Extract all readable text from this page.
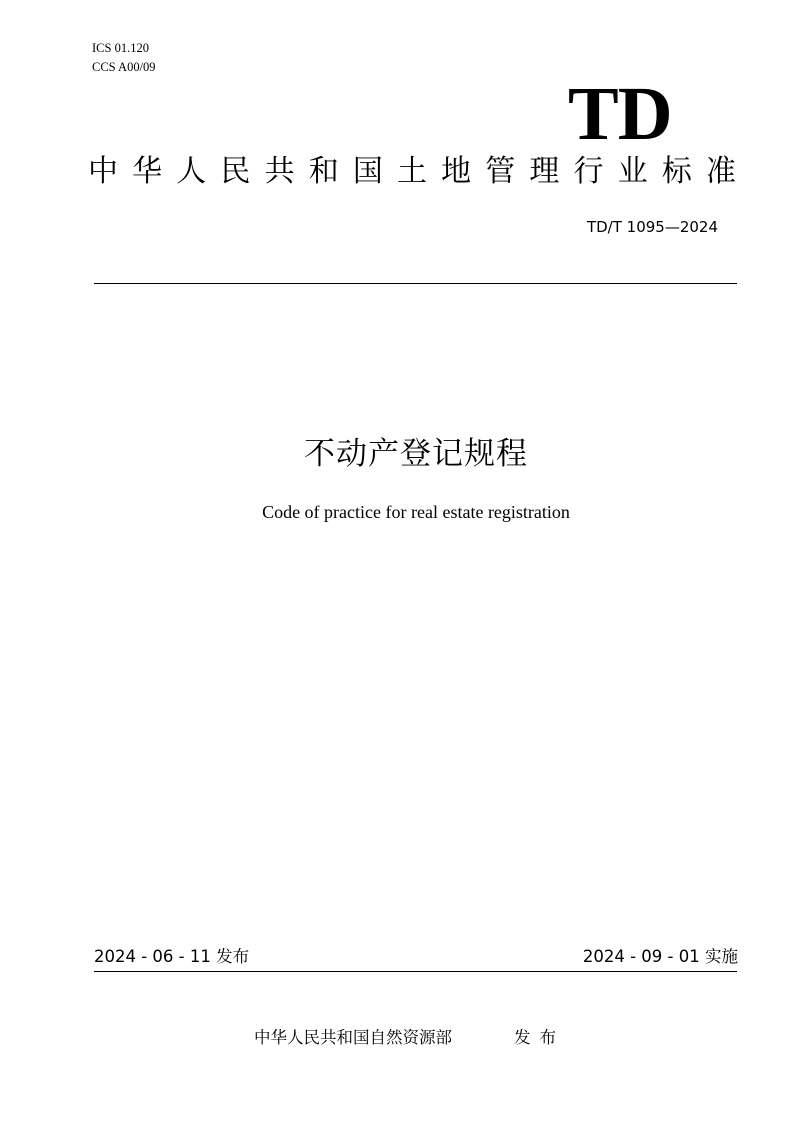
ICS 01.120
CCS A00/09
TD
中 华 人 民 共 和 国 土 地 管 理 行 业 标 准
TD/T 1095—2024
不动产登记规程
Code of practice for real estate registration
2024 - 06 - 11 发布	2024 - 09 - 01 实施
中华人民共和国自然资源部	发布
